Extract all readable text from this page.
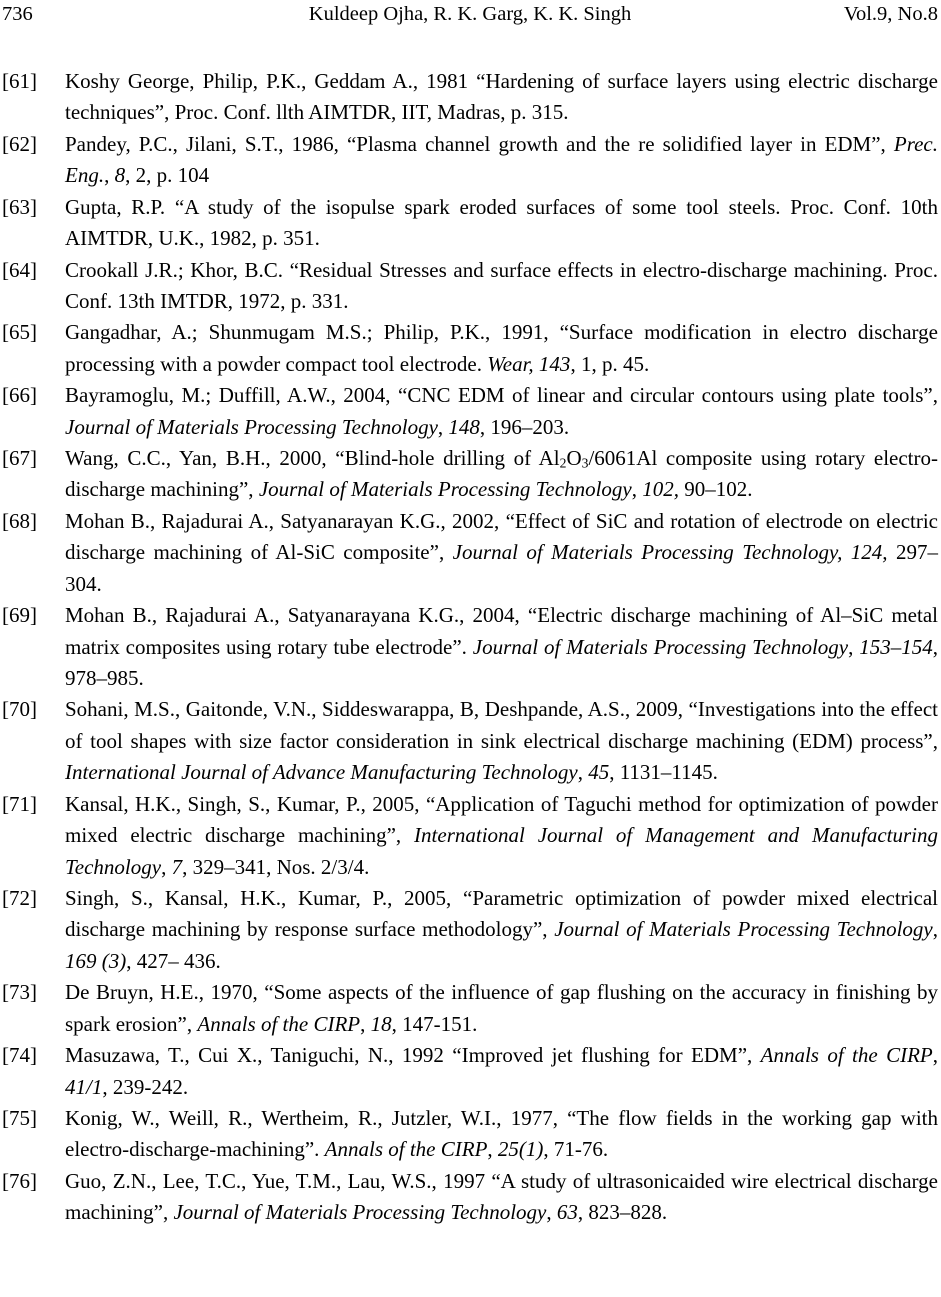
736	Kuldeep Ojha, R. K. Garg, K. K. Singh	Vol.9, No.8
[61] Koshy George, Philip, P.K., Geddam A., 1981 “Hardening of surface layers using electric discharge techniques”, Proc. Conf. llth AIMTDR, IIT, Madras, p. 315.
[62] Pandey, P.C., Jilani, S.T., 1986, “Plasma channel growth and the re solidified layer in EDM”, Prec. Eng., 8, 2, p. 104
[63] Gupta, R.P. “A study of the isopulse spark eroded surfaces of some tool steels. Proc. Conf. 10th AIMTDR, U.K., 1982, p. 351.
[64] Crookall J.R.; Khor, B.C. “Residual Stresses and surface effects in electro-discharge machining. Proc. Conf. 13th IMTDR, 1972, p. 331.
[65] Gangadhar, A.; Shunmugam M.S.; Philip, P.K., 1991, “Surface modification in electro discharge processing with a powder compact tool electrode. Wear, 143, 1, p. 45.
[66] Bayramoglu, M.; Duffill, A.W., 2004, “CNC EDM of linear and circular contours using plate tools”, Journal of Materials Processing Technology, 148, 196–203.
[67] Wang, C.C., Yan, B.H., 2000, “Blind-hole drilling of $Al_2O_3/6061Al$ composite using rotary electro-discharge machining”, Journal of Materials Processing Technology, 102, 90–102.
[68] Mohan B., Rajadurai A., Satyanarayan K.G., 2002, “Effect of SiC and rotation of electrode on electric discharge machining of Al-SiC composite”, Journal of Materials Processing Technology, 124, 297–304.
[69] Mohan B., Rajadurai A., Satyanarayana K.G., 2004, “Electric discharge machining of Al–SiC metal matrix composites using rotary tube electrode”. Journal of Materials Processing Technology, 153–154, 978–985.
[70] Sohani, M.S., Gaitonde, V.N., Siddeswarappa, B, Deshpande, A.S., 2009, “Investigations into the effect of tool shapes with size factor consideration in sink electrical discharge machining (EDM) process”, International Journal of Advance Manufacturing Technology, 45, 1131–1145.
[71] Kansal, H.K., Singh, S., Kumar, P., 2005, “Application of Taguchi method for optimization of powder mixed electric discharge machining”, International Journal of Management and Manufacturing Technology, 7, 329–341, Nos. 2/3/4.
[72] Singh, S., Kansal, H.K., Kumar, P., 2005, “Parametric optimization of powder mixed electrical discharge machining by response surface methodology”, Journal of Materials Processing Technology, 169 (3), 427– 436.
[73] De Bruyn, H.E., 1970, “Some aspects of the influence of gap flushing on the accuracy in finishing by spark erosion”, Annals of the CIRP, 18, 147-151.
[74] Masuzawa, T., Cui X., Taniguchi, N., 1992 “Improved jet flushing for EDM”, Annals of the CIRP, 41/1, 239-242.
[75] Konig, W., Weill, R., Wertheim, R., Jutzler, W.I., 1977, “The flow fields in the working gap with electro-discharge-machining”. Annals of the CIRP, 25(1), 71-76.
[76] Guo, Z.N., Lee, T.C., Yue, T.M., Lau, W.S., 1997 “A study of ultrasonicaided wire electrical discharge machining”, Journal of Materials Processing Technology, 63, 823–828.
